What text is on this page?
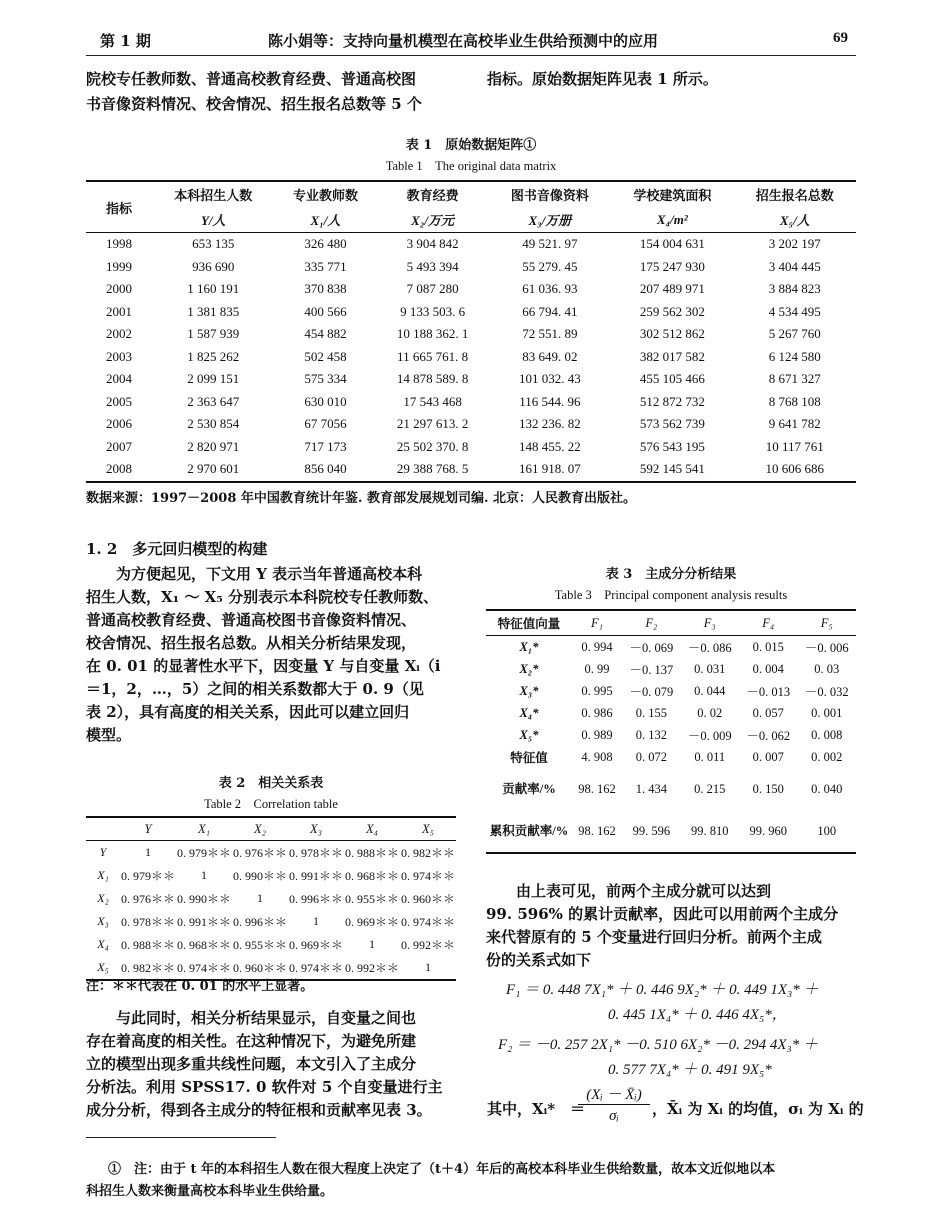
第 1 期	陈小娟等：支持向量机模型在高校毕业生供给预测中的应用	69
院校专任教师数、普通高校教育经费、普通高校图
书音像资料情况、校舍情况、招生报名总数等 5 个
指标。原始数据矩阵见表 1 所示。
表 1　原始数据矩阵①
Table 1　The original data matrix
指标	本科招生人数	专业教师数	教育经费	图书音像资料	学校建筑面积	招生报名总数
	Y/人	X₁/人	X₂/万元	X₃/万册	X₄/m²	X₅/人
1998	653 135	326 480	3 904 842	49 521. 97	154 004 631	3 202 197
1999	936 690	335 771	5 493 394	55 279. 45	175 247 930	3 404 445
2000	1 160 191	370 838	7 087 280	61 036. 93	207 489 971	3 884 823
2001	1 381 835	400 566	9 133 503. 6	66 794. 41	259 562 302	4 534 495
2002	1 587 939	454 882	10 188 362. 1	72 551. 89	302 512 862	5 267 760
2003	1 825 262	502 458	11 665 761. 8	83 649. 02	382 017 582	6 124 580
2004	2 099 151	575 334	14 878 589. 8	101 032. 43	455 105 466	8 671 327
2005	2 363 647	630 010	17 543 468	116 544. 96	512 872 732	8 768 108
2006	2 530 854	67 7056	21 297 613. 2	132 236. 82	573 562 739	9 641 782
2007	2 820 971	717 173	25 502 370. 8	148 455. 22	576 543 195	10 117 761
2008	2 970 601	856 040	29 388 768. 5	161 918. 07	592 145 541	10 606 686
数据来源：1997－2008 年中国教育统计年鉴. 教育部发展规划司编. 北京：人民教育出版社。
1. 2　多元回归模型的构建
为方便起见，下文用 Y 表示当年普通高校本科
招生人数，X₁ ～ X₅ 分别表示本科院校专任教师数、
普通高校教育经费、普通高校图书音像资料情况、
校舍情况、招生报名总数。从相关分析结果发现，
在 0. 01 的显著性水平下，因变量 Y 与自变量 Xᵢ（i
＝1，2，…，5）之间的相关系数都大于 0. 9（见
表 2），具有高度的相关关系，因此可以建立回归
模型。
表 2　相关关系表
Table 2　Correlation table
	Y	X₁	X₂	X₃	X₄	X₅
Y	1	0. 979＊＊	0. 976＊＊	0. 978＊＊	0. 988＊＊	0. 982＊＊
X₁	0. 979＊＊	1	0. 990＊＊	0. 991＊＊	0. 968＊＊	0. 974＊＊
X₂	0. 976＊＊	0. 990＊＊	1	0. 996＊＊	0. 955＊＊	0. 960＊＊
X₃	0. 978＊＊	0. 991＊＊	0. 996＊＊	1	0. 969＊＊	0. 974＊＊
X₄	0. 988＊＊	0. 968＊＊	0. 955＊＊	0. 969＊＊	1	0. 992＊＊
X₅	0. 982＊＊	0. 974＊＊	0. 960＊＊	0. 974＊＊	0. 992＊＊	1
注：＊＊代表在 0. 01 的水平上显著。
与此同时，相关分析结果显示，自变量之间也
存在着高度的相关性。在这种情况下，为避免所建
立的模型出现多重共线性问题，本文引入了主成分
分析法。利用 SPSS17. 0 软件对 5 个自变量进行主
成分分析，得到各主成分的特征根和贡献率见表 3。
表 3　主成分分析结果
Table 3　Principal component analysis results
特征值向量	F₁	F₂	F₃	F₄	F₅
X₁*	0. 994	－0. 069	－0. 086	0. 015	－0. 006
X₂*	0. 99	－0. 137	0. 031	0. 004	0. 03
X₃*	0. 995	－0. 079	0. 044	－0. 013	－0. 032
X₄*	0. 986	0. 155	0. 02	0. 057	0. 001
X₅*	0. 989	0. 132	－0. 009	－0. 062	0. 008
特征值	4. 908	0. 072	0. 011	0. 007	0. 002
贡献率/%	98. 162	1. 434	0. 215	0. 150	0. 040
累积贡献率/%	98. 162	99. 596	99. 810	99. 960	100
由上表可见，前两个主成分就可以达到
99. 596% 的累计贡献率，因此可以用前两个主成分
来代替原有的 5 个变量进行回归分析。前两个主成
份的关系式如下
F₁ ＝ 0. 448 7X₁* ＋ 0. 446 9X₂* ＋ 0. 449 1X₃* ＋
0. 445 1X₄* ＋ 0. 446 4X₅*，
F₂ ＝ －0. 257 2X₁* －0. 510 6X₂* －0. 294 4X₃* ＋
0. 577 7X₄* ＋ 0. 491 9X₅*
其中，Xᵢ*　＝
(Xᵢ － X̄ᵢ)
σᵢ	，X̄ᵢ 为 Xᵢ 的均值，σᵢ 为 Xᵢ 的
①　注：由于 t 年的本科招生人数在很大程度上决定了（t＋4）年后的高校本科毕业生供给数量，故本文近似地以本
科招生人数来衡量高校本科毕业生供给量。
